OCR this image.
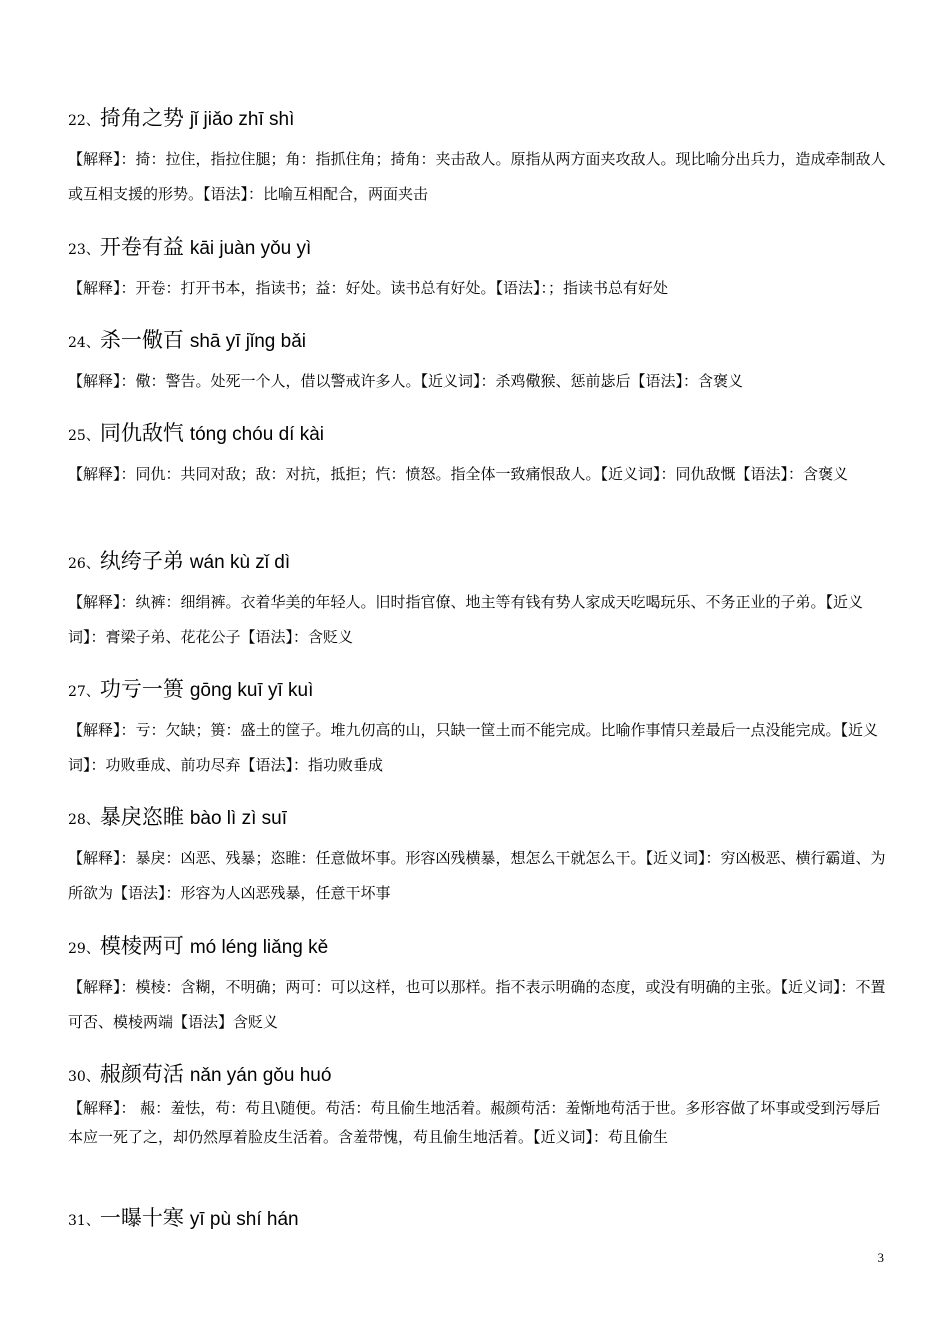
22、 掎角之势 jǐ jiǎo zhī shì
【解释】：掎：拉住，指拉住腿；角：指抓住角；掎角：夹击敌人。原指从两方面夹攻敌人。现比喻分出兵力，造成牵制敌人或互相支援的形势。【语法】：比喻互相配合，两面夹击
23、 开卷有益 kāi juàn yǒu yì
【解释】：开卷：打开书本，指读书；益：好处。读书总有好处。【语法】：；指读书总有好处
24、 杀一儆百 shā yī jǐng bǎi
【解释】：儆：警告。处死一个人，借以警戒许多人。【近义词】：杀鸡儆猴、惩前毖后【语法】：含褒义
25、 同仇敌忾 tóng chóu dí kài
【解释】：同仇：共同对敌；敌：对抗，抵拒；忾：愤怒。指全体一致痛恨敌人。【近义词】：同仇敌慨【语法】：含褒义
26、 纨绔子弟 wán kù zǐ dì
【解释】：纨裤：细绢裤。衣着华美的年轻人。旧时指官僚、地主等有钱有势人家成天吃喝玩乐、不务正业的子弟。【近义词】：膏梁子弟、花花公子【语法】：含贬义
27、 功亏一篑 gōng kuī yī kuì
【解释】：亏：欠缺；篑：盛土的筐子。堆九仞高的山，只缺一筐土而不能完成。比喻作事情只差最后一点没能完成。【近义词】：功败垂成、前功尽弃【语法】：指功败垂成
28、 暴戾恣睢 bào lì zì suī
【解释】：暴戾：凶恶、残暴；恣睢：任意做坏事。形容凶残横暴，想怎么干就怎么干。【近义词】：穷凶极恶、横行霸道、为所欲为【语法】：形容为人凶恶残暴，任意干坏事
29、 模棱两可 mó léng liǎng kě
【解释】：模棱：含糊，不明确；两可：可以这样，也可以那样。指不表示明确的态度，或没有明确的主张。【近义词】：不置可否、模棱两端【语法】含贬义
30、 赧颜苟活 nǎn yán gǒu huó
【解释】： 赧：羞怯，苟：苟且\随便。苟活：苟且偷生地活着。赧颜苟活：羞惭地苟活于世。多形容做了坏事或受到污辱后本应一死了之，却仍然厚着脸皮生活着。含羞带愧，苟且偷生地活着。【近义词】：苟且偷生
31、 一曝十寒 yī pù shí hán
3
